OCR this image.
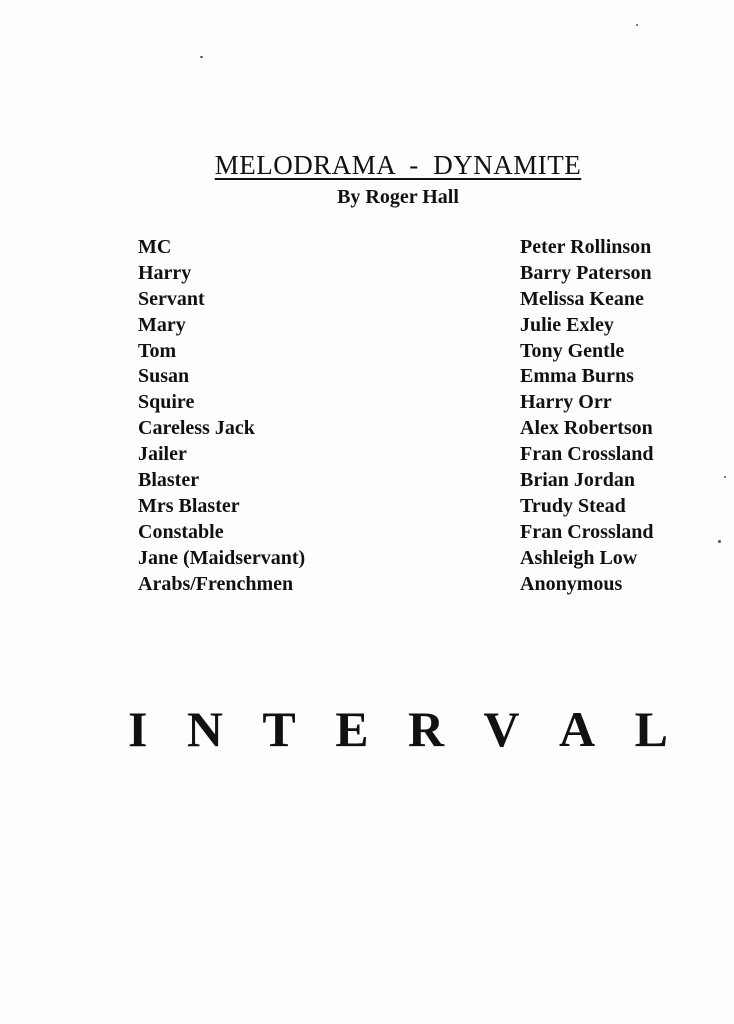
MELODRAMA  -  DYNAMITE
By Roger Hall
MC	Peter Rollinson
Harry	Barry Paterson
Servant	Melissa Keane
Mary	Julie Exley
Tom	Tony Gentle
Susan	Emma Burns
Squire	Harry Orr
Careless Jack	Alex Robertson
Jailer	Fran Crossland
Blaster	Brian Jordan
Mrs Blaster	Trudy Stead
Constable	Fran Crossland
Jane (Maidservant)	Ashleigh Low
Arabs/Frenchmen	Anonymous
I N T E R V A L
